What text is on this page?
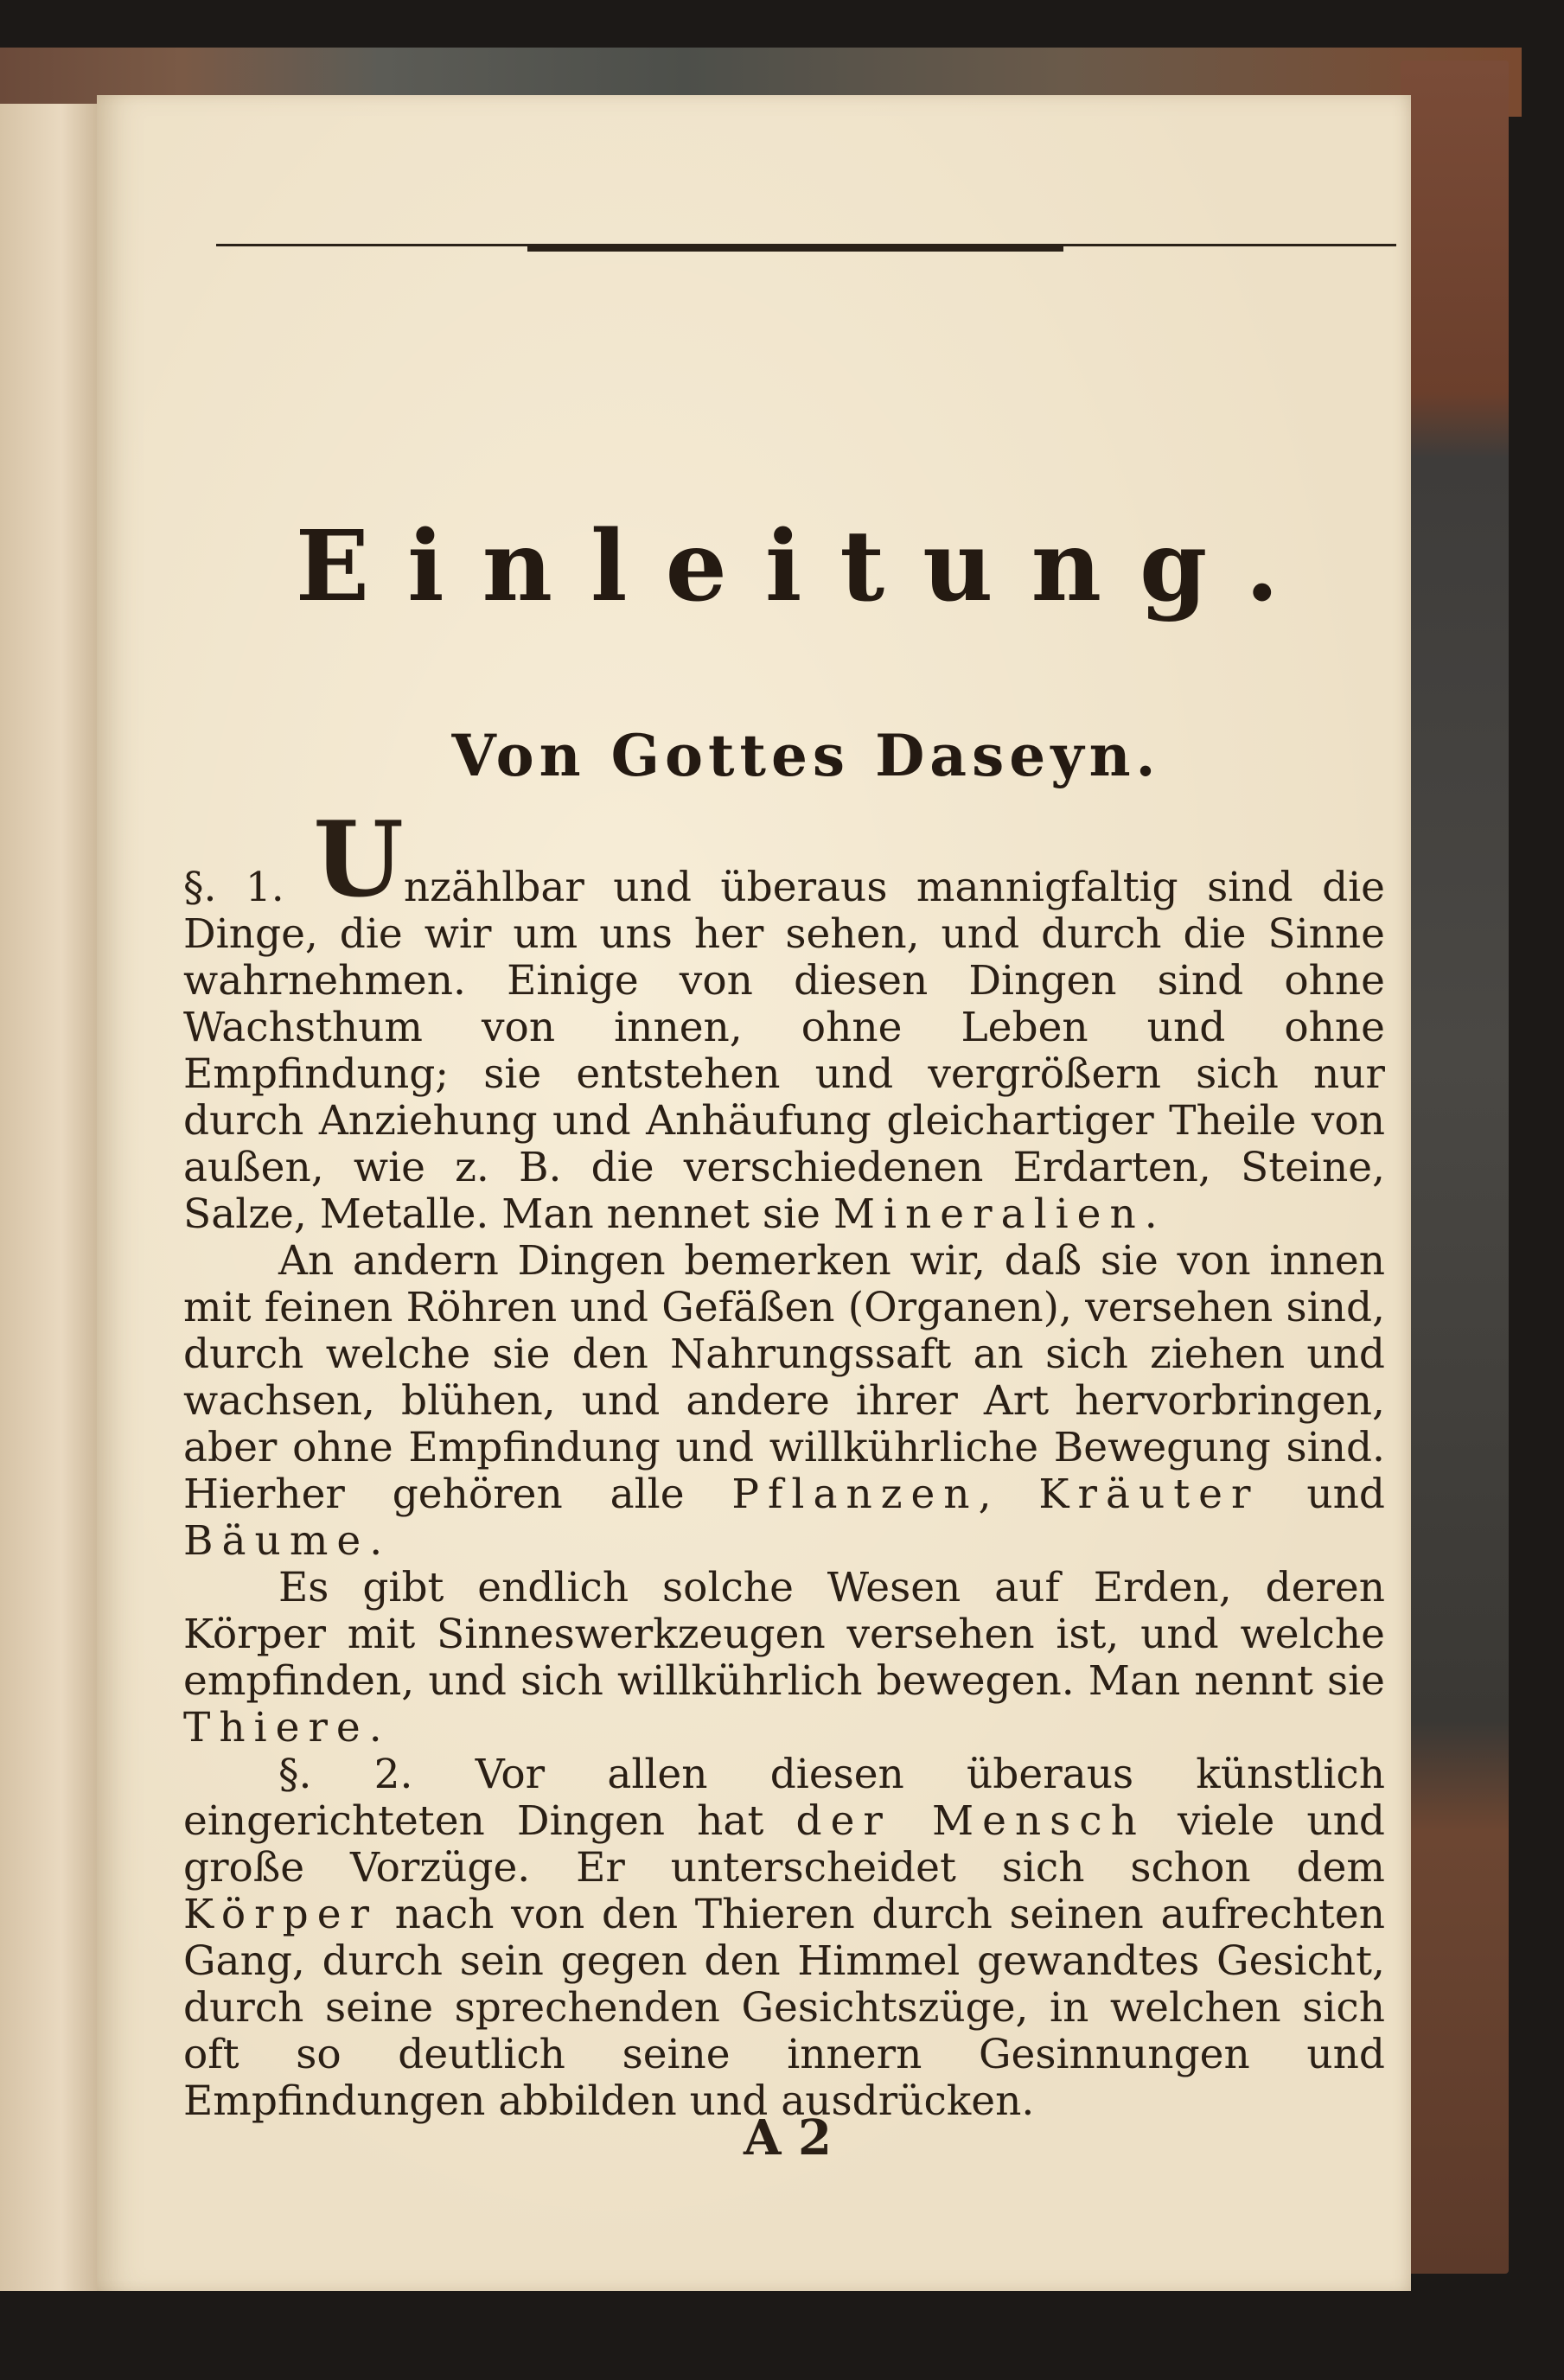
Einleitung.
Von Gottes Daseyn.

§. 1. Unzählbar und überaus mannigfaltig sind die Dinge, die wir um uns her sehen, und durch die Sinne wahrnehmen. Einige von diesen Dingen sind ohne Wachsthum von innen, ohne Leben und ohne Empfindung; sie entstehen und vergrößern sich nur durch Anziehung und Anhäufung gleichartiger Theile von außen, wie z. B. die verschiedenen Erdarten, Steine, Salze, Metalle. Man nennet sie Mineralien.

An andern Dingen bemerken wir, daß sie von innen mit feinen Röhren und Gefäßen (Organen), versehen sind, durch welche sie den Nahrungssaft an sich ziehen und wachsen, blühen, und andere ihrer Art hervorbringen, aber ohne Empfindung und willkührliche Bewegung sind. Hierher gehören alle Pflanzen, Kräuter und Bäume.

Es gibt endlich solche Wesen auf Erden, deren Körper mit Sinneswerkzeugen versehen ist, und welche empfinden, und sich willkührlich bewegen. Man nennt sie Thiere.

§. 2. Vor allen diesen überaus künstlich eingerichteten Dingen hat der Mensch viele und große Vorzüge. Er unterscheidet sich schon dem Körper nach von den Thieren durch seinen aufrechten Gang, durch sein gegen den Himmel gewandtes Gesicht, durch seine sprechenden Gesichtszüge, in welchen sich oft so deutlich seine innern Gesinnungen und Empfindungen abbilden und ausdrücken.

A 2
